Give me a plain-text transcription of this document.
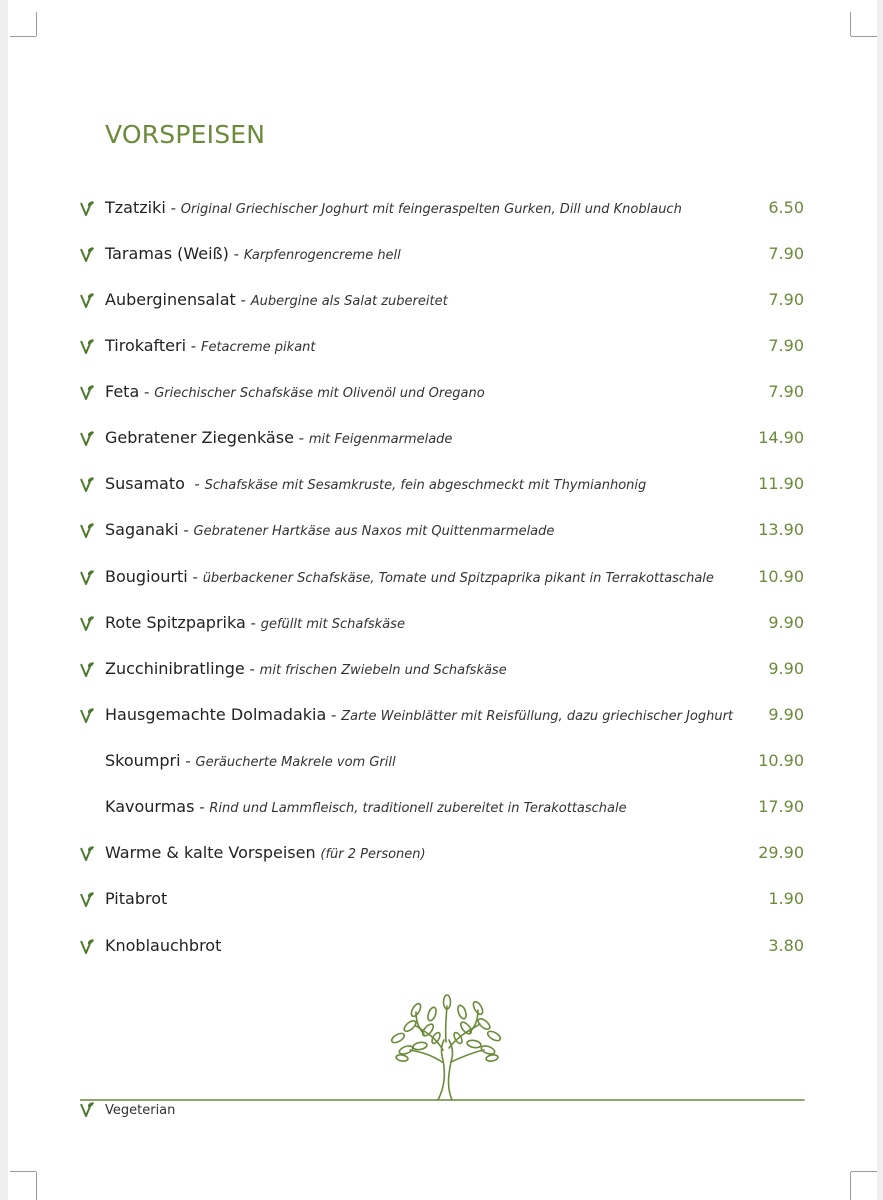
VORSPEISEN
Tzatziki - Original Griechischer Joghurt mit feingeraspelten Gurken, Dill und Knoblauch	6.50
Taramas (Weiß) - Karpfenrogencreme hell	7.90
Auberginensalat - Aubergine als Salat zubereitet	7.90
Tirokafteri - Fetacreme pikant	7.90
Feta - Griechischer Schafskäse mit Olivenöl und Oregano	7.90
Gebratener Ziegenkäse - mit Feigenmarmelade	14.90
Susamato  - Schafskäse mit Sesamkruste, fein abgeschmeckt mit Thymianhonig	11.90
Saganaki - Gebratener Hartkäse aus Naxos mit Quittenmarmelade	13.90
Bougiourti - überbackener Schafskäse, Tomate und Spitzpaprika pikant in Terrakottaschale	10.90
Rote Spitzpaprika - gefüllt mit Schafskäse	9.90
Zucchinibratlinge - mit frischen Zwiebeln und Schafskäse	9.90
Hausgemachte Dolmadakia - Zarte Weinblätter mit Reisfüllung, dazu griechischer Joghurt 9.90
Skoumpri - Geräucherte Makrele vom Grill	10.90
Kavourmas - Rind und Lammfleisch, traditionell zubereitet in Terakottaschale	17.90
Warme & kalte Vorspeisen (für 2 Personen)	29.90
Pitabrot	1.90
Knoblauchbrot	3.80
Vegeterian
